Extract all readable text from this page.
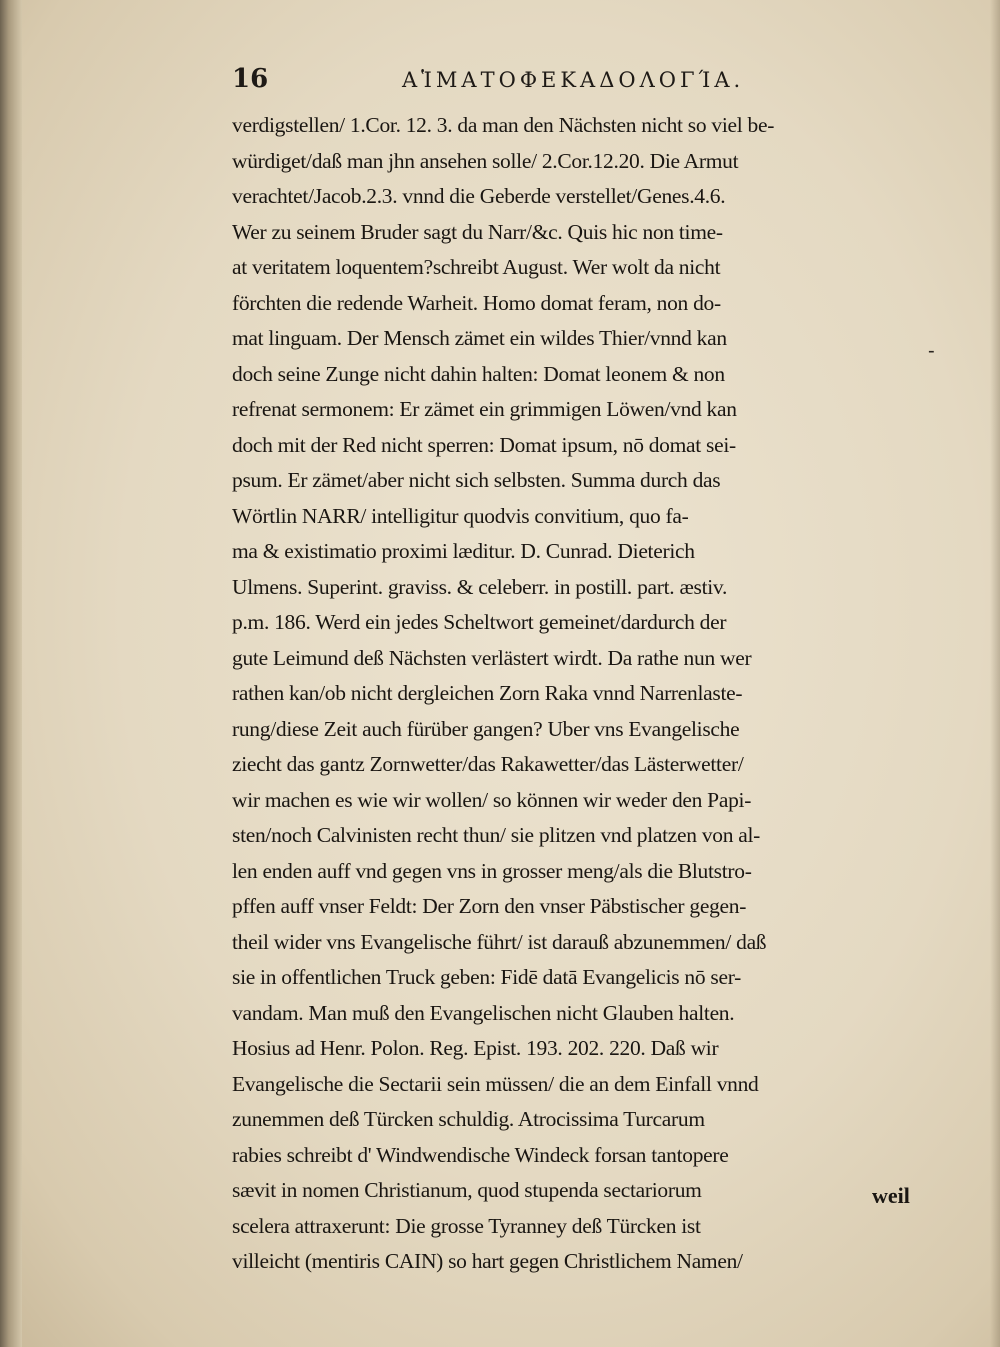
16	ΑἹΜΑΤΟΦΕΚΑΔΟΛΟΓΊΑ.
verdigstellen/ 1.Cor. 12. 3. da man den Nächsten nicht so viel be-
würdiget/daß man jhn ansehen solle/ 2.Cor.12.20. Die Armut
verachtet/Jacob.2.3. vnnd die Geberde verstellet/Genes.4.6.
Wer zu seinem Bruder sagt du Narr/&c. Quis hic non time-
at veritatem loquentem?schreibt August. Wer wolt da nicht
förchten die redende Warheit. Homo domat feram, non do-
mat linguam. Der Mensch zämet ein wildes Thier/vnnd kan
doch seine Zunge nicht dahin halten: Domat leonem & non
refrenat sermonem: Er zämet ein grimmigen Löwen/vnd kan
doch mit der Red nicht sperren: Domat ipsum, nō domat sei-
psum. Er zämet/aber nicht sich selbsten. Summa durch das
Wörtlin NARR/ intelligitur quodvis convitium, quo fa-
ma & existimatio proximi læditur. D. Cunrad. Dieterich
Ulmens. Superint. graviss. & celeberr. in postill. part. æstiv.
p.m. 186. Werd ein jedes Scheltwort gemeinet/dardurch der
gute Leimund deß Nächsten verlästert wirdt. Da rathe nun wer
rathen kan/ob nicht dergleichen Zorn Raka vnnd Narrenlaste-
rung/diese Zeit auch fürüber gangen? Uber vns Evangelische
ziecht das gantz Zornwetter/das Rakawetter/das Lästerwetter/
wir machen es wie wir wollen/ so können wir weder den Papi-
sten/noch Calvinisten recht thun/ sie plitzen vnd platzen von al-
len enden auff vnd gegen vns in grosser meng/als die Blutstro-
pffen auff vnser Feldt: Der Zorn den vnser Päbstischer gegen-
theil wider vns Evangelische führt/ ist darauß abzunemmen/ daß
sie in offentlichen Truck geben: Fidē datā Evangelicis nō ser-
vandam. Man muß den Evangelischen nicht Glauben halten.
Hosius ad Henr. Polon. Reg. Epist. 193. 202. 220. Daß wir
Evangelische die Sectarii sein müssen/ die an dem Einfall vnnd
zunemmen deß Türcken schuldig. Atrocissima Turcarum
rabies schreibt d' Windwendische Windeck forsan tantopere
sævit in nomen Christianum, quod stupenda sectariorum
scelera attraxerunt: Die grosse Tyranney deß Türcken ist
villeicht (mentiris CAIN) so hart gegen Christlichem Namen/
-
weil
